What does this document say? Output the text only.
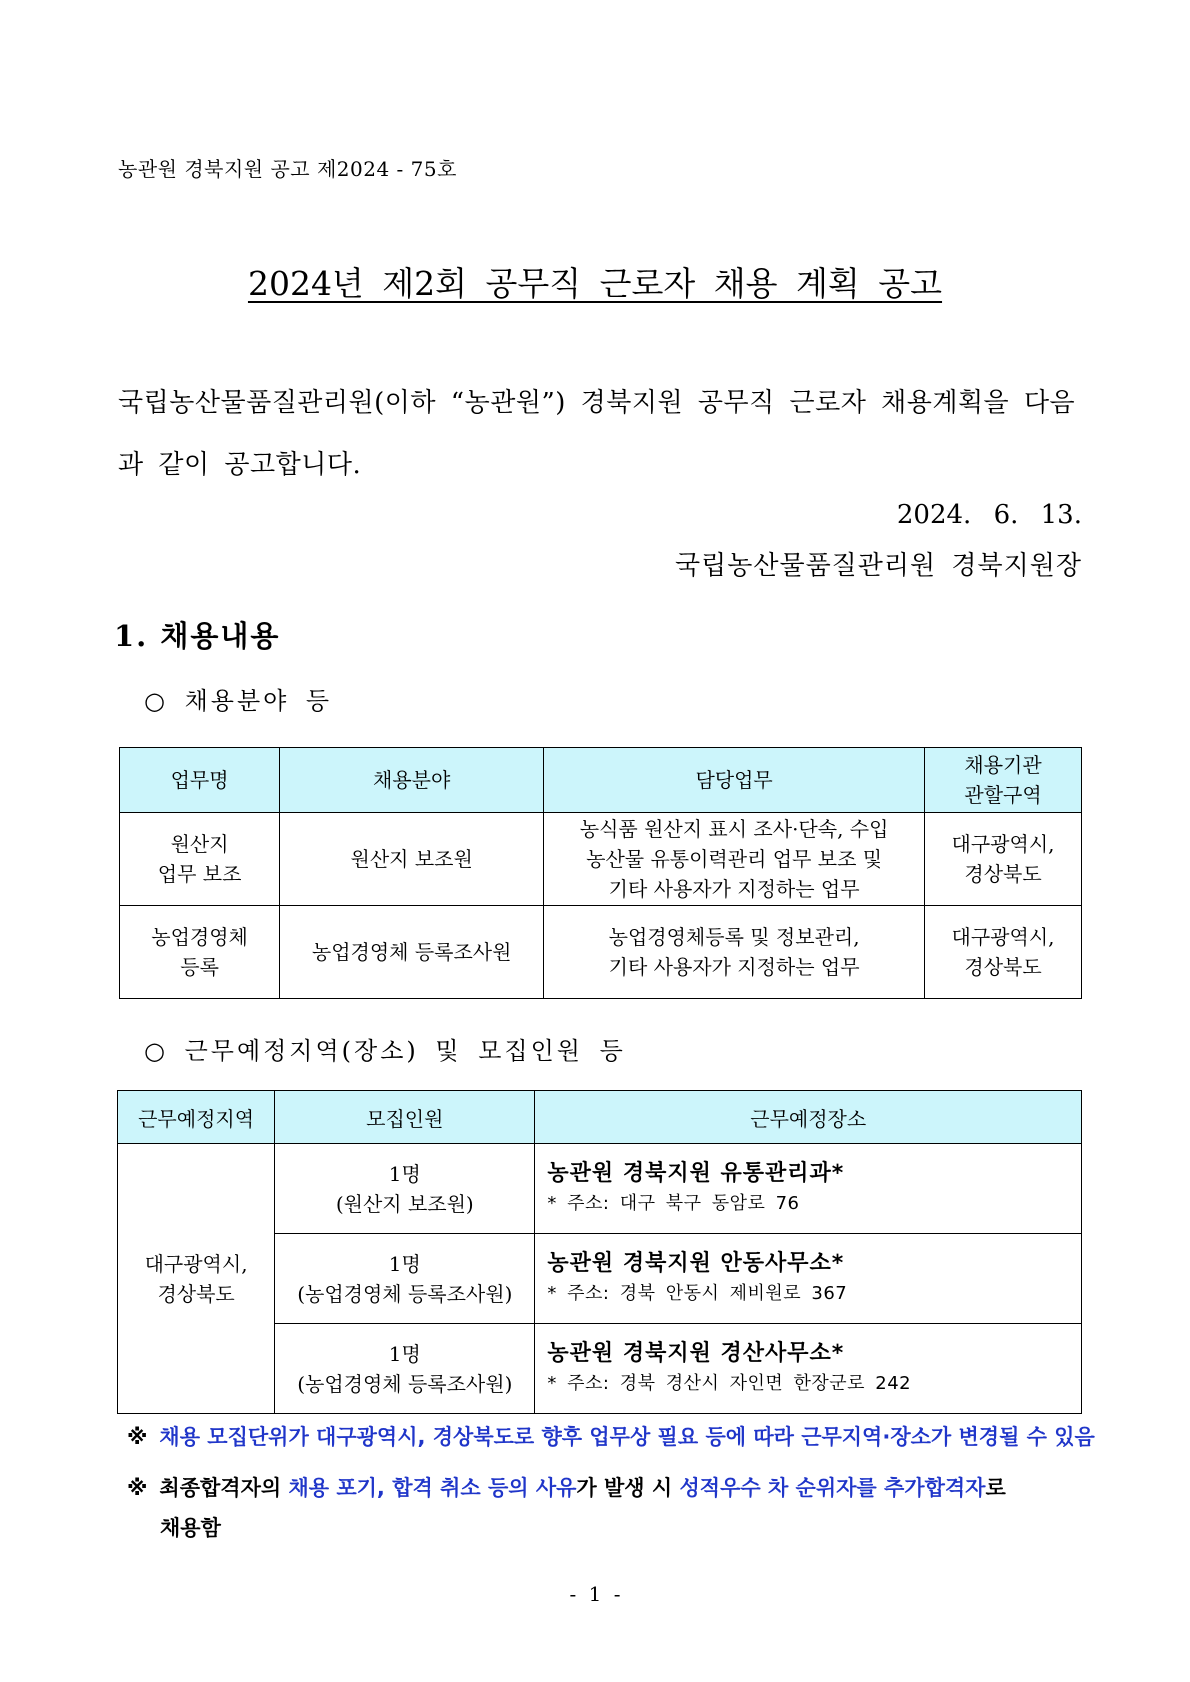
농관원 경북지원 공고 제2024 - 75호
2024년 제2회 공무직 근로자 채용 계획 공고
국립농산물품질관리원(이하 “농관원”) 경북지원 공무직 근로자 채용계획을 다음과 같이 공고합니다.
2024. 6. 13.
국립농산물품질관리원 경북지원장
1. 채용내용
○ 채용분야 등
업무명	채용분야	담당업무	채용기관
관할구역
원산지
업무 보조	원산지 보조원	농식품 원산지 표시 조사·단속, 수입
농산물 유통이력관리 업무 보조 및
기타 사용자가 지정하는 업무	대구광역시,
경상북도
농업경영체
등록	농업경영체 등록조사원	농업경영체등록 및 정보관리,
기타 사용자가 지정하는 업무	대구광역시,
경상북도
○ 근무예정지역(장소) 및 모집인원 등
근무예정지역	모집인원	근무예정장소
대구광역시,
경상북도	1명
(원산지 보조원)	농관원 경북지원 유통관리과*
* 주소: 대구 북구 동암로 76

	1명
(농업경영체 등록조사원)	농관원 경북지원 안동사무소*
* 주소: 경북 안동시 제비원로 367

	1명
(농업경영체 등록조사원)	농관원 경북지원 경산사무소*
* 주소: 경북 경산시 자인면 한장군로 242
※ 채용 모집단위가 대구광역시, 경상북도로 향후 업무상 필요 등에 따라 근무지역·장소가 변경될 수 있음
※ 최종합격자의 채용 포기, 합격 취소 등의 사유가 발생 시 성적우수 차 순위자를 추가합격자로
채용함
- 1 -
